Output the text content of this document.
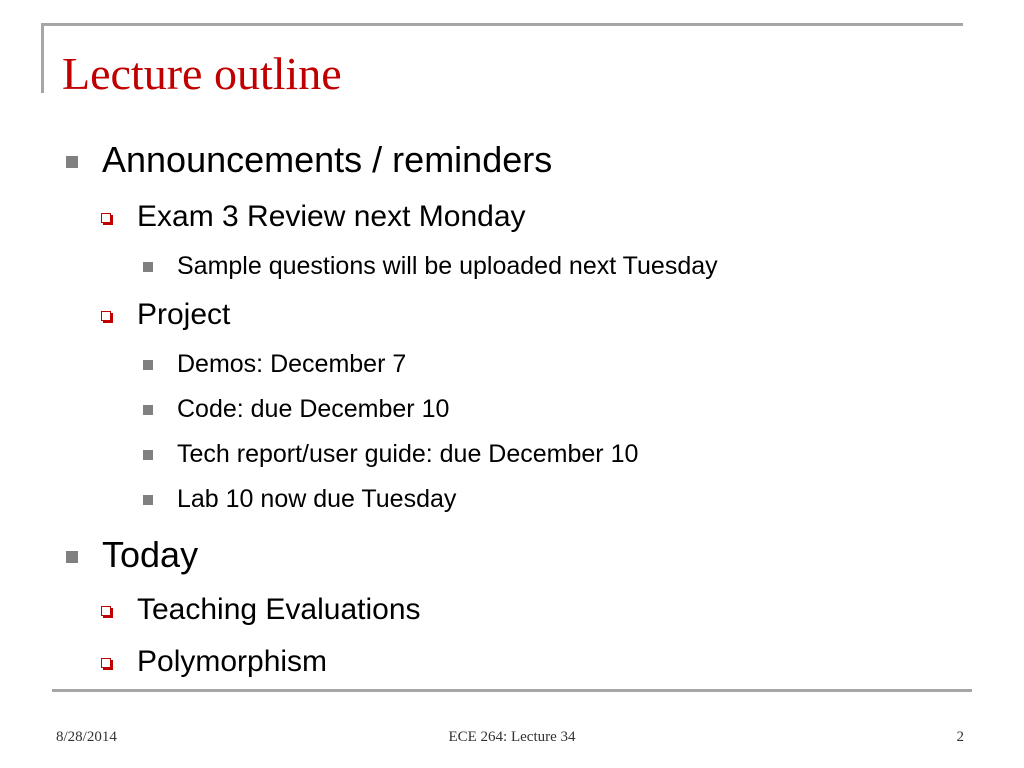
Lecture outline
Announcements / reminders
Exam 3 Review next Monday
Sample questions will be uploaded next Tuesday
Project
Demos: December 7
Code: due December 10
Tech report/user guide: due December 10
Lab 10 now due Tuesday
Today
Teaching Evaluations
Polymorphism
8/28/2014	ECE 264: Lecture 34	2
